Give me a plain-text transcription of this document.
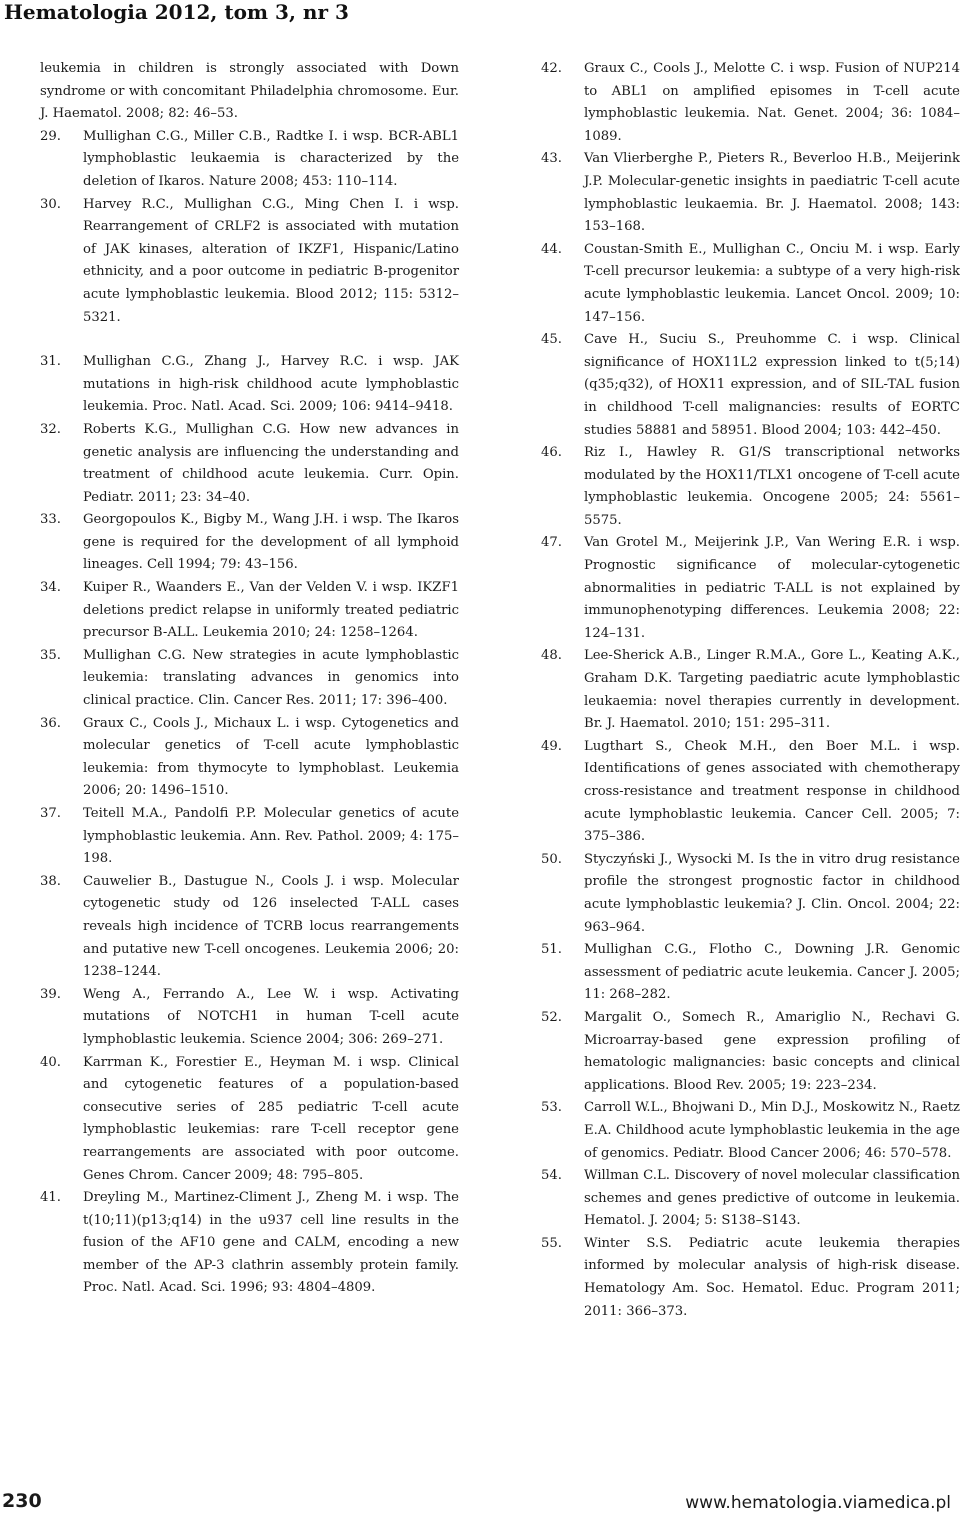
Hematologia 2012, tom 3, nr 3

leukemia in children is strongly associated with Down syndrome or with concomitant Philadelphia chromosome. Eur. J. Haematol. 2008; 82: 46–53.

29. Mullighan C.G., Miller C.B., Radtke I. i wsp. BCR-ABL1 lymphoblastic leukaemia is characterized by the deletion of Ikaros. Nature 2008; 453: 110–114.

30. Harvey R.C., Mullighan C.G., Ming Chen I. i wsp. Rearrangement of CRLF2 is associated with mutation of JAK kinases, alteration of IKZF1, Hispanic/Latino ethnicity, and a poor outcome in pediatric B-progenitor acute lymphoblastic leukemia. Blood 2012; 115: 5312–5321.

31. Mullighan C.G., Zhang J., Harvey R.C. i wsp. JAK mutations in high-risk childhood acute lymphoblastic leukemia. Proc. Natl. Acad. Sci. 2009; 106: 9414–9418.

32. Roberts K.G., Mullighan C.G. How new advances in genetic analysis are influencing the understanding and treatment of childhood acute leukemia. Curr. Opin. Pediatr. 2011; 23: 34–40.

33. Georgopoulos K., Bigby M., Wang J.H. i wsp. The Ikaros gene is required for the development of all lymphoid lineages. Cell 1994; 79: 43–156.

34. Kuiper R., Waanders E., Van der Velden V. i wsp. IKZF1 deletions predict relapse in uniformly treated pediatric precursor B-ALL. Leukemia 2010; 24: 1258–1264.

35. Mullighan C.G. New strategies in acute lymphoblastic leukemia: translating advances in genomics into clinical practice. Clin. Cancer Res. 2011; 17: 396–400.

36. Graux C., Cools J., Michaux L. i wsp. Cytogenetics and molecular genetics of T-cell acute lymphoblastic leukemia: from thymocyte to lymphoblast. Leukemia 2006; 20: 1496–1510.

37. Teitell M.A., Pandolfi P.P. Molecular genetics of acute lymphoblastic leukemia. Ann. Rev. Pathol. 2009; 4: 175–198.

38. Cauwelier B., Dastugue N., Cools J. i wsp. Molecular cytogenetic study od 126 inselected T-ALL cases reveals high incidence of TCRB locus rearrangements and putative new T-cell oncogenes. Leukemia 2006; 20: 1238–1244.

39. Weng A., Ferrando A., Lee W. i wsp. Activating mutations of NOTCH1 in human T-cell acute lymphoblastic leukemia. Science 2004; 306: 269–271.

40. Karrman K., Forestier E., Heyman M. i wsp. Clinical and cytogenetic features of a population-based consecutive series of 285 pediatric T-cell acute lymphoblastic leukemias: rare T-cell receptor gene rearrangements are associated with poor outcome. Genes Chrom. Cancer 2009; 48: 795–805.

41. Dreyling M., Martinez-Climent J., Zheng M. i wsp. The t(10;11)(p13;q14) in the u937 cell line results in the fusion of the AF10 gene and CALM, encoding a new member of the AP-3 clathrin assembly protein family. Proc. Natl. Acad. Sci. 1996; 93: 4804–4809.

42. Graux C., Cools J., Melotte C. i wsp. Fusion of NUP214 to ABL1 on amplified episomes in T-cell acute lymphoblastic leukemia. Nat. Genet. 2004; 36: 1084–1089.

43. Van Vlierberghe P., Pieters R., Beverloo H.B., Meijerink J.P. Molecular-genetic insights in paediatric T-cell acute lymphoblastic leukaemia. Br. J. Haematol. 2008; 143: 153–168.

44. Coustan-Smith E., Mullighan C., Onciu M. i wsp. Early T-cell precursor leukemia: a subtype of a very high-risk acute lymphoblastic leukemia. Lancet Oncol. 2009; 10: 147–156.

45. Cave H., Suciu S., Preuhomme C. i wsp. Clinical significance of HOX11L2 expression linked to t(5;14)(q35;q32), of HOX11 expression, and of SIL-TAL fusion in childhood T-cell malignancies: results of EORTC studies 58881 and 58951. Blood 2004; 103: 442–450.

46. Riz I., Hawley R. G1/S transcriptional networks modulated by the HOX11/TLX1 oncogene of T-cell acute lymphoblastic leukemia. Oncogene 2005; 24: 5561–5575.

47. Van Grotel M., Meijerink J.P., Van Wering E.R. i wsp. Prognostic significance of molecular-cytogenetic abnormalities in pediatric T-ALL is not explained by immunophenotyping differences. Leukemia 2008; 22: 124–131.

48. Lee-Sherick A.B., Linger R.M.A., Gore L., Keating A.K., Graham D.K. Targeting paediatric acute lymphoblastic leukaemia: novel therapies currently in development. Br. J. Haematol. 2010; 151: 295–311.

49. Lugthart S., Cheok M.H., den Boer M.L. i wsp. Identifications of genes associated with chemotherapy cross-resistance and treatment response in childhood acute lymphoblastic leukemia. Cancer Cell. 2005; 7: 375–386.

50. Styczyński J., Wysocki M. Is the in vitro drug resistance profile the strongest prognostic factor in childhood acute lymphoblastic leukemia? J. Clin. Oncol. 2004; 22: 963–964.

51. Mullighan C.G., Flotho C., Downing J.R. Genomic assessment of pediatric acute leukemia. Cancer J. 2005; 11: 268–282.

52. Margalit O., Somech R., Amariglio N., Rechavi G. Microarray-based gene expression profiling of hematologic malignancies: basic concepts and clinical applications. Blood Rev. 2005; 19: 223–234.

53. Carroll W.L., Bhojwani D., Min D.J., Moskowitz N., Raetz E.A. Childhood acute lymphoblastic leukemia in the age of genomics. Pediatr. Blood Cancer 2006; 46: 570–578.

54. Willman C.L. Discovery of novel molecular classification schemes and genes predictive of outcome in leukemia. Hematol. J. 2004; 5: S138–S143.

55. Winter S.S. Pediatric acute leukemia therapies informed by molecular analysis of high-risk disease. Hematology Am. Soc. Hematol. Educ. Program 2011; 2011: 366–373.

230	www.hematologia.viamedica.pl
